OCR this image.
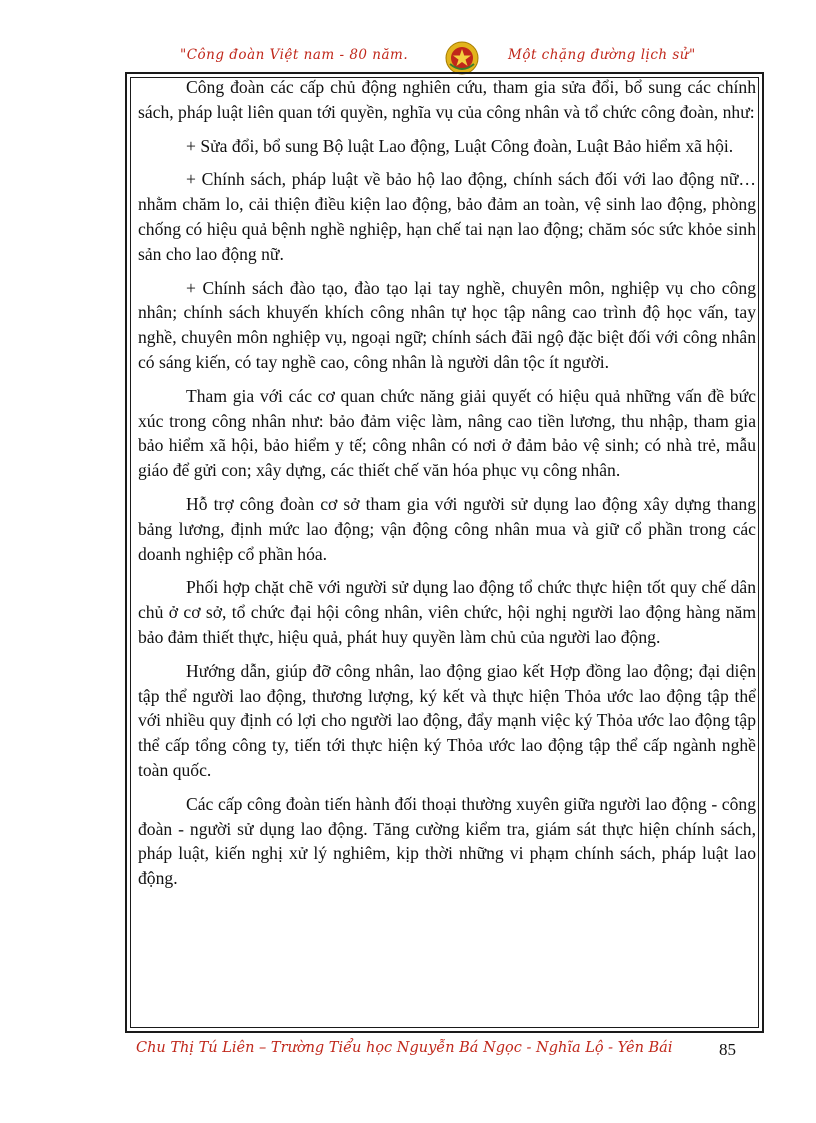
"Công đoàn Việt nam - 80 năm.	Một chặng đường lịch sử"

Công đoàn các cấp chủ động nghiên cứu, tham gia sửa đổi, bổ sung các chính sách, pháp luật liên quan tới quyền, nghĩa vụ của công nhân và tổ chức công đoàn, như:

+ Sửa đổi, bổ sung Bộ luật Lao động, Luật Công đoàn, Luật Bảo hiểm xã hội.

+ Chính sách, pháp luật về bảo hộ lao động, chính sách đối với lao động nữ… nhằm chăm lo, cải thiện điều kiện lao động, bảo đảm an toàn, vệ sinh lao động, phòng chống có hiệu quả bệnh nghề nghiệp, hạn chế tai nạn lao động; chăm sóc sức khỏe sinh sản cho lao động nữ.

+ Chính sách đào tạo, đào tạo lại tay nghề, chuyên môn, nghiệp vụ cho công nhân; chính sách khuyến khích công nhân tự học tập nâng cao trình độ học vấn, tay nghề, chuyên môn nghiệp vụ, ngoại ngữ; chính sách đãi ngộ đặc biệt đối với công nhân có sáng kiến, có tay nghề cao, công nhân là người dân tộc ít người.

Tham gia với các cơ quan chức năng giải quyết có hiệu quả những vấn đề bức xúc trong công nhân như: bảo đảm việc làm, nâng cao tiền lương, thu nhập, tham gia bảo hiểm xã hội, bảo hiểm y tế; công nhân có nơi ở đảm bảo vệ sinh; có nhà trẻ, mẫu giáo để gửi con; xây dựng, các thiết chế văn hóa phục vụ công nhân.

Hỗ trợ công đoàn cơ sở tham gia với người sử dụng lao động xây dựng thang bảng lương, định mức lao động; vận động công nhân mua và giữ cổ phần trong các doanh nghiệp cổ phần hóa.

Phối hợp chặt chẽ với người sử dụng lao động tổ chức thực hiện tốt quy chế dân chủ ở cơ sở, tổ chức đại hội công nhân, viên chức, hội nghị người lao động hàng năm bảo đảm thiết thực, hiệu quả, phát huy quyền làm chủ của người lao động.

Hướng dẫn, giúp đỡ công nhân, lao động giao kết Hợp đồng lao động; đại diện tập thể người lao động, thương lượng, ký kết và thực hiện Thỏa ước lao động tập thể với nhiều quy định có lợi cho người lao động, đẩy mạnh việc ký Thỏa ước lao động tập thể cấp tổng công ty, tiến tới thực hiện ký Thỏa ước lao động tập thể cấp ngành nghề toàn quốc.

Các cấp công đoàn tiến hành đối thoại thường xuyên giữa người lao động - công đoàn - người sử dụng lao động. Tăng cường kiểm tra, giám sát thực hiện chính sách, pháp luật, kiến nghị xử lý nghiêm, kịp thời những vi phạm chính sách, pháp luật lao động.

Chu Thị Tú Liên – Trường Tiểu học Nguyễn Bá Ngọc - Nghĩa Lộ - Yên Bái	85
